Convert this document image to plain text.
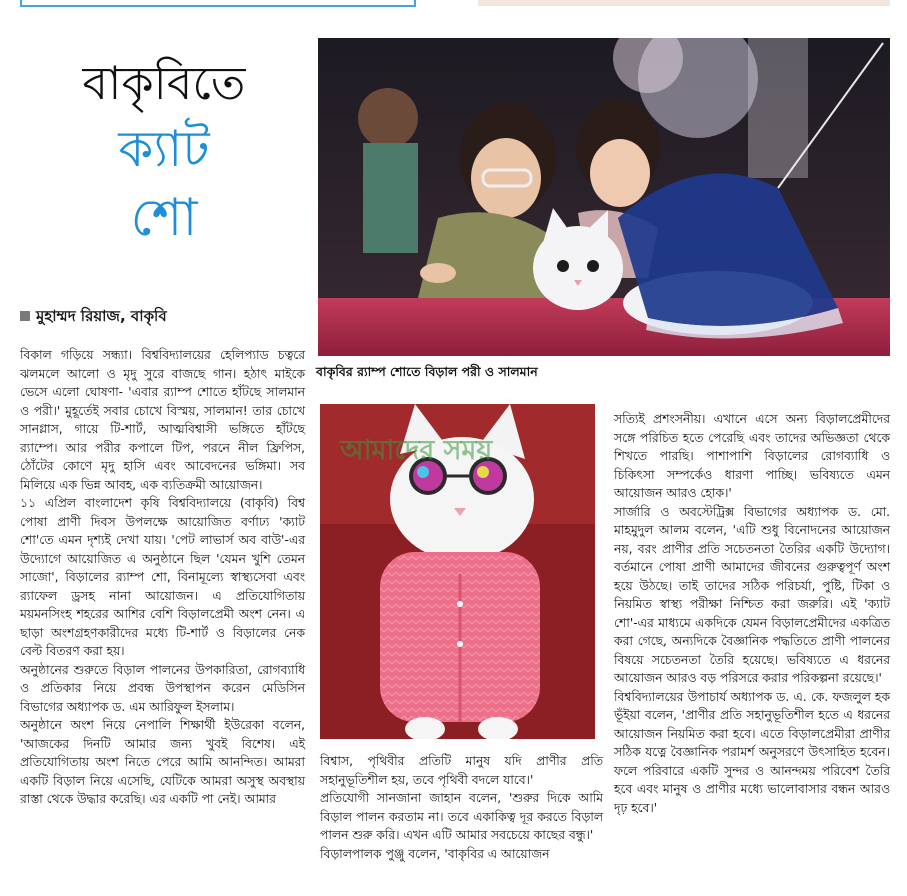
বাকৃবিতে
ক্যাট
শো
মুহাম্মদ রিয়াজ, বাকৃবি
বাকৃবির র‍্যাম্প শোতে বিড়াল পরী ও সালমান
আমাদের সময়

বিকাল গড়িয়ে সন্ধ্যা। বিশ্ববিদ্যালয়ের হেলিপ্যাড চত্বরে ঝলমলে আলো ও মৃদু সুরে বাজছে গান। হঠাৎ মাইকে ভেসে এলো ঘোষণা- 'এবার র‍্যাম্প শোতে হাঁটছে সালমান ও পরী।' মুহূর্তেই সবার চোখে বিস্ময়, সালমান! তার চোখে সানগ্লাস, গায়ে টি-শার্ট, আত্মবিশ্বাসী ভঙ্গিতে হাঁটছে র‍্যাম্পে। আর পরীর কপালে টিপ, পরনে নীল ফ্রিপিস, ঠোঁটের কোণে মৃদু হাসি এবং আবেদনের ভঙ্গিমা। সব মিলিয়ে এক ভিন্ন আবহ, এক ব্যতিক্রমী আয়োজন।

১১ এপ্রিল বাংলাদেশ কৃষি বিশ্ববিদ্যালয়ে (বাকৃবি) বিশ্ব পোষা প্রাণী দিবস উপলক্ষে আয়োজিত বর্ণাঢ্য 'ক্যাট শো'তে এমন দৃশ্যই দেখা যায়। 'পেট লাভার্স অব বাউ'-এর উদ্যোগে আয়োজিত এ অনুষ্ঠানে ছিল 'যেমন খুশি তেমন সাজো', বিড়ালের র‍্যাম্প শো, বিনামূল্যে স্বাস্থ্যসেবা এবং র‍্যাফেল ড্রসহ নানা আয়োজন। এ প্রতিযোগিতায় ময়মনসিংহ শহরের আশির বেশি বিড়ালপ্রেমী অংশ নেন। এ ছাড়া অংশগ্রহণকারীদের মধ্যে টি-শার্ট ও বিড়ালের নেক বেল্ট বিতরণ করা হয়।

অনুষ্ঠানের শুরুতে বিড়াল পালনের উপকারিতা, রোগব্যাধি ও প্রতিকার নিয়ে প্রবন্ধ উপস্থাপন করেন মেডিসিন বিভাগের অধ্যাপক ড. এম আরিফুল ইসলাম।

অনুষ্ঠানে অংশ নিয়ে নেপালি শিক্ষার্থী ইউরেকা বলেন, 'আজকের দিনটি আমার জন্য খুবই বিশেষ। এই প্রতিযোগিতায় অংশ নিতে পেরে আমি আনন্দিত। আমরা একটি বিড়াল নিয়ে এসেছি, যেটিকে আমরা অসুস্থ অবস্থায় রাস্তা থেকে উদ্ধার করেছি। এর একটি পা নেই। আমার

বিশ্বাস, পৃথিবীর প্রতিটি মানুষ যদি প্রাণীর প্রতি সহানুভূতিশীল হয়, তবে পৃথিবী বদলে যাবে।'

প্রতিযোগী সানজানা জাহান বলেন, 'শুরুর দিকে আমি বিড়াল পালন করতাম না। তবে একাকিত্ব দূর করতে বিড়াল পালন শুরু করি। এখন এটি আমার সবচেয়ে কাছের বন্ধু।'

বিড়ালপালক পুঞ্জু বলেন, 'বাকৃবির এ আয়োজন

সত্যিই প্রশংসনীয়। এখানে এসে অন্য বিড়ালপ্রেমীদের সঙ্গে পরিচিত হতে পেরেছি এবং তাদের অভিজ্ঞতা থেকে শিখতে পারছি। পাশাপাশি বিড়ালের রোগব্যাধি ও চিকিৎসা সম্পর্কেও ধারণা পাচ্ছি। ভবিষ্যতে এমন আয়োজন আরও হোক।'

সার্জারি ও অবস্টেট্রিক্স বিভাগের অধ্যাপক ড. মো. মাহমুদুল আলম বলেন, 'এটি শুধু বিনোদনের আয়োজন নয়, বরং প্রাণীর প্রতি সচেতনতা তৈরির একটি উদ্যোগ। বর্তমানে পোষা প্রাণী আমাদের জীবনের গুরুত্বপূর্ণ অংশ হয়ে উঠছে। তাই তাদের সঠিক পরিচর্যা, পুষ্টি, টিকা ও নিয়মিত স্বাস্থ্য পরীক্ষা নিশ্চিত করা জরুরি। এই 'ক্যাট শো'-এর মাধ্যমে একদিকে যেমন বিড়ালপ্রেমীদের একত্রিত করা গেছে, অন্যদিকে বৈজ্ঞানিক পদ্ধতিতে প্রাণী পালনের বিষয়ে সচেতনতা তৈরি হয়েছে। ভবিষ্যতে এ ধরনের আয়োজন আরও বড় পরিসরে করার পরিকল্পনা রয়েছে।'

বিশ্ববিদ্যালয়ের উপাচার্য অধ্যাপক ড. এ. কে. ফজলুল হক ভূঁইয়া বলেন, 'প্রাণীর প্রতি সহানুভূতিশীল হতে এ ধরনের আয়োজন নিয়মিত করা হবে। এতে বিড়ালপ্রেমীরা প্রাণীর সঠিক যত্নে বৈজ্ঞানিক পরামর্শ অনুসরণে উৎসাহিত হবেন। ফলে পরিবারে একটি সুন্দর ও আনন্দময় পরিবেশ তৈরি হবে এবং মানুষ ও প্রাণীর মধ্যে ভালোবাসার বন্ধন আরও দৃঢ় হবে।'
